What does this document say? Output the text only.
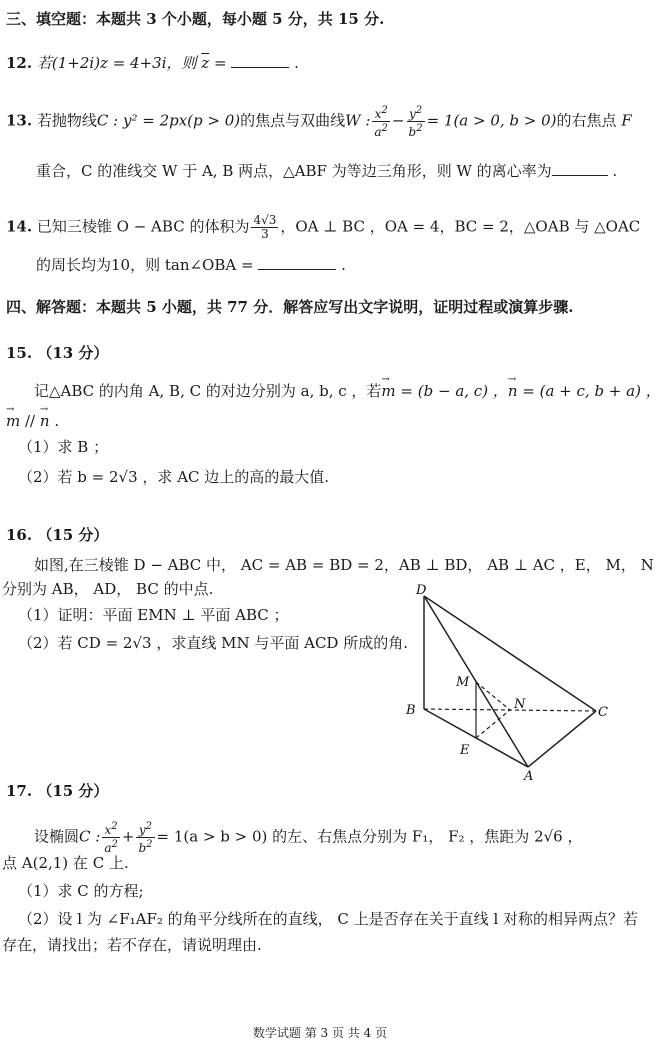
三、填空题：本题共 3 个小题，每小题 5 分，共 15 分.
12. 若(1+2i)z = 4+3i，则 $\overline{z}$ =	.
13. 若抛物线C : y² = 2px(p > 0)的焦点与双曲线W : $\frac{x^2}{a^2} - \frac{y^2}{b^2} = 1(a > 0$, b > 0)的右焦点 F
重合，C 的准线交 W 于 A, B 两点，△ABF 为等边三角形，则 W 的离心率为	.
14. 已知三棱锥 O − ABC 的体积为 $\frac{4√3}{3}$ ，OA ⊥ BC ，OA = 4，BC = 2，△OAB 与 △OAC
的周长均为10，则 tan∠OBA =	.
四、解答题：本题共 5 小题，共 77 分．解答应写出文字说明，证明过程或演算步骤.
15. （13 分）
记△ABC 的内角 A, B, C 的对边分别为 a, b, c ，若→ m = (b − a, c) ，→ n = (a + c, b + a) ，
→ m // → n .
（1）求 B ；
（2）若 b = 2√3 ，求 AC 边上的高的最大值.
16. （15 分）
如图,在三棱锥 D − ABC 中， AC = AB = BD = 2，AB ⊥ BD， AB ⊥ AC ，E， M， N
分别为 AB， AD， BC 的中点.
（1）证明：平面 EMN ⊥ 平面 ABC ；
（2）若 CD = 2√3 ，求直线 MN 与平面 ACD 所成的角.
D
B	C
A
M
N
E
17. （15 分）
设椭圆C : $\frac{x^2}{a^2} + \frac{y^2}{b^2} = 1(a > b > 0)$ 的左、右焦点分别为 F₁， F₂ ，焦距为 2√6 ，
点 A(2,1) 在 C 上.
（1）求 C 的方程;
（2）设 l 为 ∠F₁AF₂ 的角平分线所在的直线， C 上是否存在关于直线 l 对称的相异两点？若
存在，请找出；若不存在，请说明理由.
数学试题 第 3 页 共 4 页
